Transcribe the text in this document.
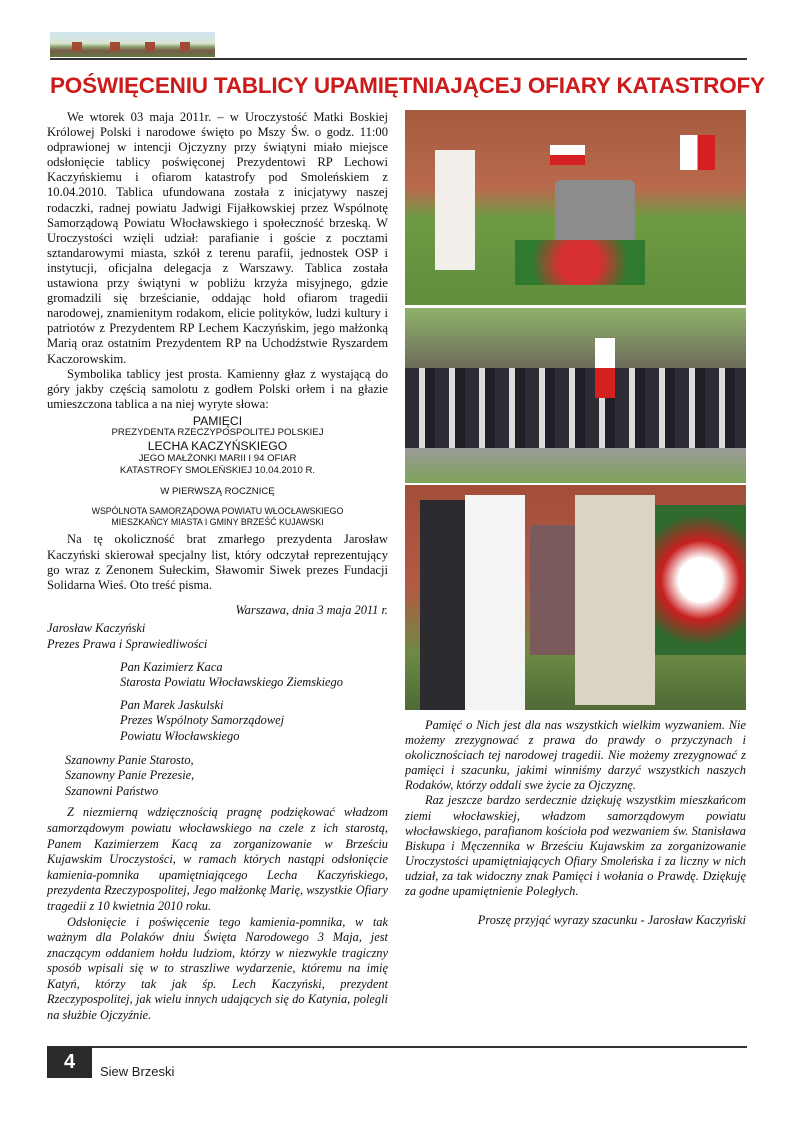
POŚWIĘCENIU TABLICY UPAMIĘTNIAJĄCEJ OFIARY KATASTROFY

We wtorek 03 maja 2011r. – w Uroczystość Matki Boskiej Królowej Polski i narodowe święto po Mszy Św. o godz. 11:00 odprawionej w intencji Ojczyzny przy świątyni miało miejsce odsłonięcie tablicy poświęconej Prezydentowi RP Lechowi Kaczyńskiemu i ofiarom katastrofy pod Smoleńskiem z 10.04.2010. Tablica ufundowana została z inicjatywy naszej rodaczki, radnej powiatu Jadwigi Fijałkowskiej przez Wspólnotę Samorządową Powiatu Włocławskiego i społeczność brzeską. W Uroczystości wzięli udział: parafianie i goście z pocztami sztandarowymi miasta, szkół z terenu parafii, jednostek OSP i instytucji, oficjalna delegacja z Warszawy. Tablica została ustawiona przy świątyni w pobliżu krzyża misyjnego, gdzie gromadzili się brześcianie, oddając hołd ofiarom tragedii narodowej, znamienitym rodakom, elicie polityków, ludzi kultury i patriotów z Prezydentem RP Lechem Kaczyńskim, jego małżonką Marią oraz ostatnim Prezydentem RP na Uchodźstwie Ryszardem Kaczorowskim.

Symbolika tablicy jest prosta. Kamienny głaz z wystającą do góry jakby częścią samolotu z godłem Polski orłem i na głazie umieszczona tablica a na niej wyryte słowa:

PAMIĘCI
PREZYDENTA RZECZYPOSPOLITEJ POLSKIEJ
LECHA KACZYŃSKIEGO
JEGO MAŁŻONKI MARII I 94 OFIAR
KATASTROFY SMOLEŃSKIEJ 10.04.2010 R.
W PIERWSZĄ ROCZNICĘ
WSPÓLNOTA SAMORZĄDOWA POWIATU WŁOCŁAWSKIEGO
MIESZKAŃCY MIASTA I GMINY BRZEŚĆ KUJAWSKI

Na tę okoliczność brat zmarłego prezydenta Jarosław Kaczyński skierował specjalny list, który odczytał reprezentujący go wraz z Zenonem Sułeckim, Sławomir Siwek prezes Fundacji Solidarna Wieś. Oto treść pisma.

Warszawa, dnia 3 maja 2011 r.
Jarosław Kaczyński
Prezes Prawa i Sprawiedliwości
Pan Kazimierz Kaca
Starosta Powiatu Włocławskiego Ziemskiego
Pan Marek Jaskulski
Prezes Wspólnoty Samorządowej
Powiatu Włocławskiego
Szanowny Panie Starosto,
Szanowny Panie Prezesie,
Szanowni Państwo

Z niezmierną wdzięcznością pragnę podziękować władzom samorządowym powiatu włocławskiego na czele z ich starostą, Panem Kazimierzem Kacą za zorganizowanie w Brześciu Kujawskim Uroczystości, w ramach których nastąpi odsłonięcie kamienia-pomnika upamiętniającego Lecha Kaczyńskiego, prezydenta Rzeczypospolitej, Jego małżonkę Marię, wszystkie Ofiary tragedii z 10 kwietnia 2010 roku.

Odsłonięcie i poświęcenie tego kamienia-pomnika, w tak ważnym dla Polaków dniu Święta Narodowego 3 Maja, jest znaczącym oddaniem hołdu ludziom, którzy w niezwykle tragiczny sposób wpisali się w to straszliwe wydarzenie, któremu na imię Katyń, którzy tak jak śp. Lech Kaczyński, prezydent Rzeczypospolitej, jak wielu innych udających się do Katynia, polegli na służbie Ojczyźnie.

Pamięć o Nich jest dla nas wszystkich wielkim wyzwaniem. Nie możemy zrezygnować z prawa do prawdy o przyczynach i okolicznościach tej narodowej tragedii. Nie możemy zrezygnować z pamięci i szacunku, jakimi winniśmy darzyć wszystkich naszych Rodaków, którzy oddali swe życie za Ojczyznę.

Raz jeszcze bardzo serdecznie dziękuję wszystkim mieszkańcom ziemi włocławskiej, władzom samorządowym powiatu włocławskiego, parafianom kościoła pod wezwaniem św. Stanisława Biskupa i Męczennika w Brześciu Kujawskim za zorganizowanie Uroczystości upamiętniających Ofiary Smoleńska i za liczny w nich udział, za tak widoczny znak Pamięci i wołania o Prawdę. Dziękuję za godne upamiętnienie Poległych.

Proszę przyjąć wyrazy szacunku - Jarosław Kaczyński

4	Siew Brzeski
